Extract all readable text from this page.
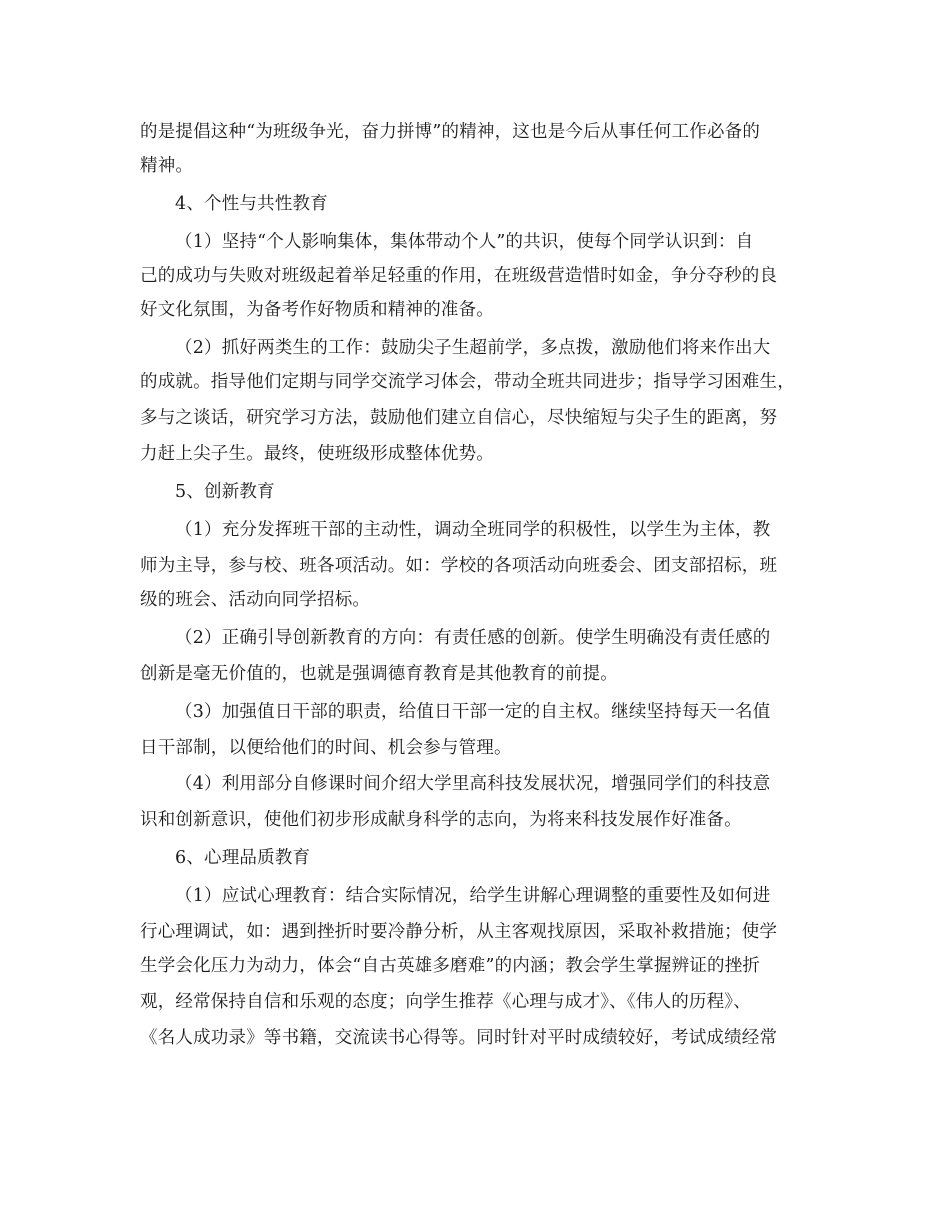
的是提倡这种“为班级争光，奋力拼博”的精神，这也是今后从事任何工作必备的
精神。
4、个性与共性教育
（1）坚持“个人影响集体，集体带动个人”的共识，使每个同学认识到：自
己的成功与失败对班级起着举足轻重的作用，在班级营造惜时如金，争分夺秒的良
好文化氛围，为备考作好物质和精神的准备。
（2）抓好两类生的工作：鼓励尖子生超前学，多点拨，激励他们将来作出大
的成就。指导他们定期与同学交流学习体会，带动全班共同进步；指导学习困难生，
多与之谈话，研究学习方法，鼓励他们建立自信心，尽快缩短与尖子生的距离，努
力赶上尖子生。最终，使班级形成整体优势。
5、创新教育
（1）充分发挥班干部的主动性，调动全班同学的积极性，以学生为主体，教
师为主导，参与校、班各项活动。如：学校的各项活动向班委会、团支部招标，班
级的班会、活动向同学招标。
（2）正确引导创新教育的方向：有责任感的创新。使学生明确没有责任感的
创新是毫无价值的，也就是强调德育教育是其他教育的前提。
（3）加强值日干部的职责，给值日干部一定的自主权。继续坚持每天一名值
日干部制，以便给他们的时间、机会参与管理。
（4）利用部分自修课时间介绍大学里高科技发展状况，增强同学们的科技意
识和创新意识，使他们初步形成献身科学的志向，为将来科技发展作好准备。
6、心理品质教育
（1）应试心理教育：结合实际情况，给学生讲解心理调整的重要性及如何进
行心理调试，如：遇到挫折时要冷静分析，从主客观找原因，采取补救措施；使学
生学会化压力为动力，体会“自古英雄多磨难”的内涵；教会学生掌握辨证的挫折
观，经常保持自信和乐观的态度；向学生推荐《心理与成才》、《伟人的历程》、
《名人成功录》等书籍，交流读书心得等。同时针对平时成绩较好，考试成绩经常
